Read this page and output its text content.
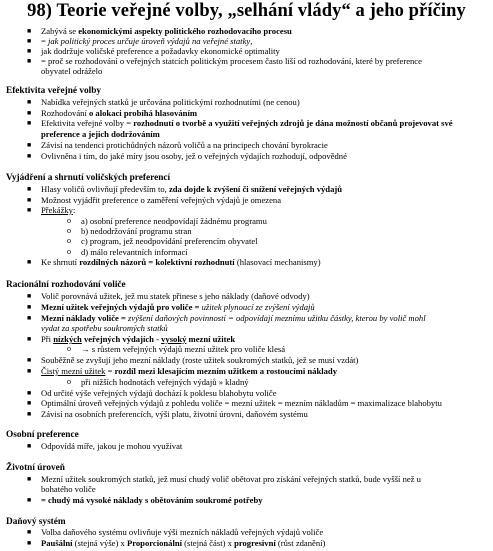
98) Teorie veřejné volby, „selhání vlády“ a jeho příčiny
■ Zabývá se ekonomickými aspekty politického rozhodovacího procesu
■ = jak politický proces určuje úroveň výdajů na veřejné statky,
■ jak dodržuje voličské preference a požadavky ekonomické optimality
■ = proč se rozhodování o veřejných statcích politickým procesem často liší od rozhodování, které by preference
obyvatel odráželo
Efektivita veřejné volby
■ Nabídka veřejných statků je určována politickými rozhodnutími (ne cenou)
■ Rozhodování o alokaci probíhá hlasováním
■ Efektivita veřejné volby = rozhodnutí o tvorbě a využití veřejných zdrojů je dána možností občanů projevovat své
preference a jejich dodržováním
■ Závisí na tendenci protichůdných názorů voličů a na principech chování byrokracie
■ Ovlivněna i tím, do jaké míry jsou osoby, jež o veřejných výdajích rozhodují, odpovědné
Vyjádření a shrnutí voličských preferencí
■ Hlasy voličů ovlivňují především to, zda dojde k zvýšení či snížení veřejných výdajů
■ Možnost vyjádřit preference o zaměření veřejných výdajů je omezena
■ Překážky:
o a) osobní preference neodpovídají žádnému programu
o b) nedodržování programu stran
o c) program, jež neodpovídání preferencím obyvatel
o d) málo relevantních informací
■ Ke shrnutí rozdílných názorů = kolektivní rozhodnutí (hlasovací mechanismy)
Racionální rozhodování voliče
■ Volič porovnává užitek, jež mu statek přinese s jeho náklady (daňové odvody)
■ Mezní užitek veřejných výdajů pro voliče = užitek plynoucí ze zvýšení výdajů
■ Mezní náklady voliče = zvýšení daňových povinností = odpovídají meznímu užitku částky, kterou by volič mohl
vydat za spotřebu soukromých statků
■ Při nízkých veřejných výdajích - vysoký mezní užitek
o → s růstem veřejných výdajů mezní užitek pro voliče klesá
■ Souběžně se zvyšují jeho mezní náklady (roste užitek soukromých statků, jež se musí vzdát)
■ Čistý mezní užitek = rozdíl mezi klesajícím mezním užitkem a rostoucími náklady
o při nižších hodnotách veřejných výdajů » kladný
■ Od určité výše veřejných výdajů dochází k poklesu blahobytu voliče
■ Optimální úroveň veřejných výdajů z pohledu voliče = mezní užitek = mezním nákladům = maximalizace blahobytu
■ Závisí na osobních preferencích, výši platu, životní úrovni, daňovém systému
Osobní preference
■ Odpovídá míře, jakou je mohou využívat
Životní úroveň
■ Mezní užitek soukromých statků, jež musí chudý volič obětovat pro získání veřejných statků, bude vyšší než u
bohatého voliče
■ = chudý má vysoké náklady s obětováním soukromé potřeby
Daňový systém
■ Volba daňového systému ovlivňuje výši mezních nákladů veřejných výdajů voliče
■ Paušální (stejná výše) x Proporcionální (stejná část) x progresivní (růst zdanění)
